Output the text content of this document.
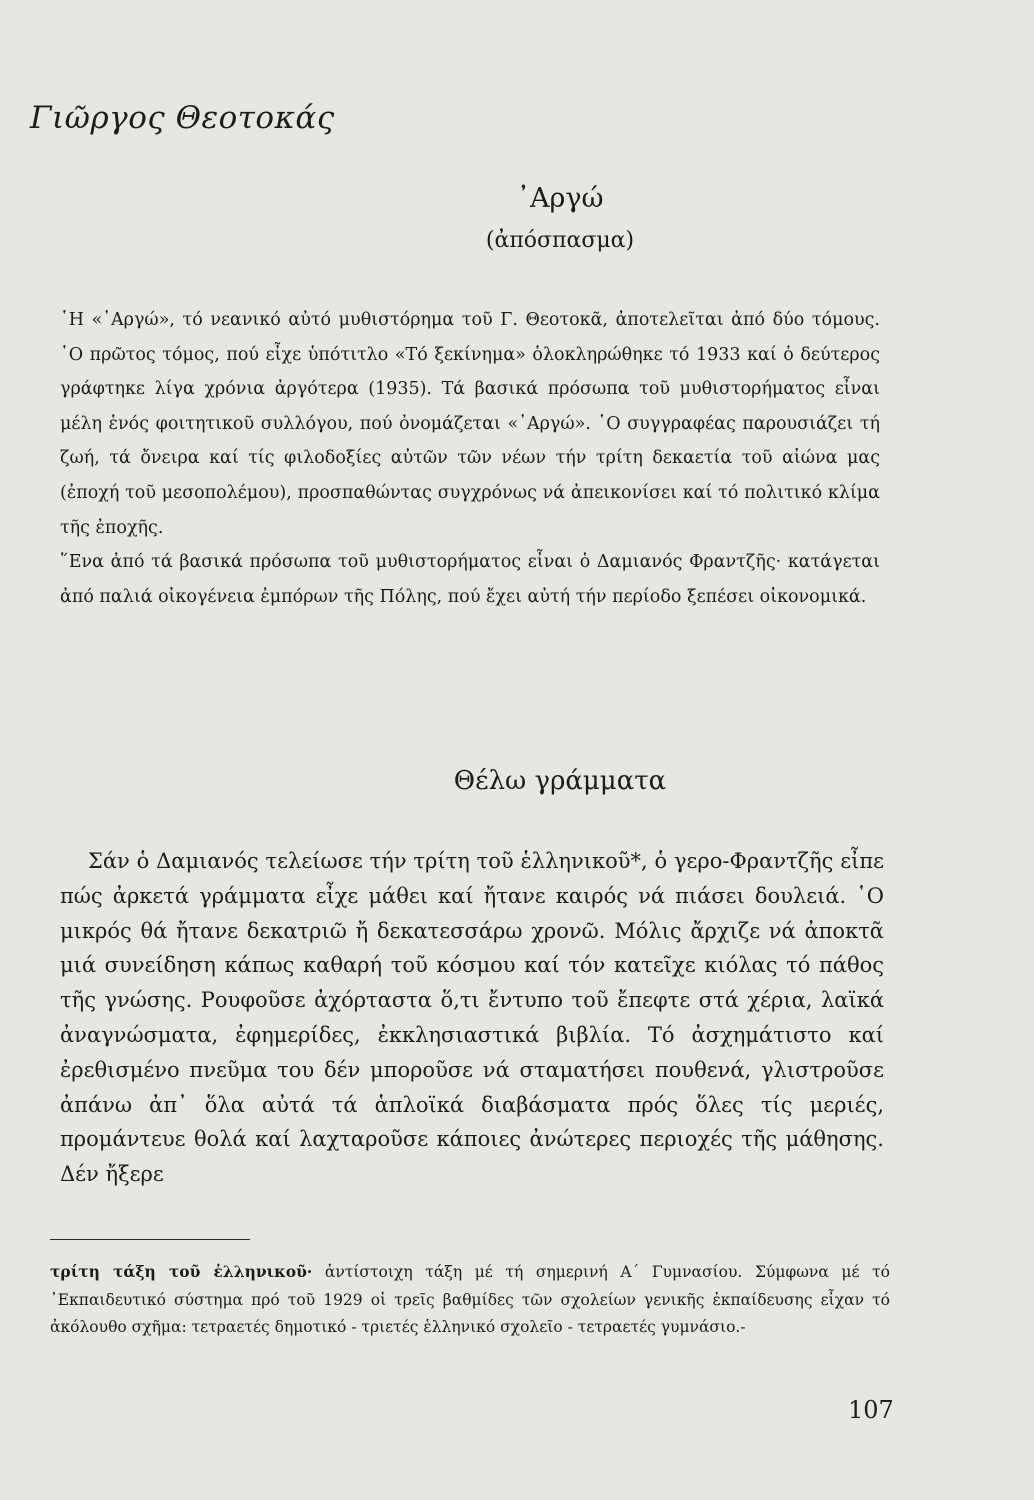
Γιῶργος Θεοτοκάς
᾿Αργώ
(ἀπόσπασμα)

῾Η «᾿Αργώ», τό νεανικό αὐτό μυθιστόρημα τοῦ Γ. Θεοτοκᾶ, ἀποτελεῖται ἀπό δύο τόμους. ῾Ο πρῶτος τόμος, πού εἶχε ὑπότιτλο «Τό ξεκίνημα» ὁλοκληρώθηκε τό 1933 καί ὁ δεύτερος γράφτηκε λίγα χρόνια ἀργότερα (1935). Τά βασικά πρόσωπα τοῦ μυθιστορήματος εἶναι μέλη ἑνός φοιτητικοῦ συλλόγου, πού ὀνομάζεται «᾿Αργώ». ῾Ο συγγραφέας παρουσιάζει τή ζωή, τά ὄνειρα καί τίς φιλοδοξίες αὐτῶν τῶν νέων τήν τρίτη δεκαετία τοῦ αἰώνα μας (ἐποχή τοῦ μεσοπολέμου), προσπαθώντας συγχρόνως νά ἀπεικονίσει καί τό πολιτικό κλίμα τῆς ἐποχῆς.

῞Ενα ἀπό τά βασικά πρόσωπα τοῦ μυθιστορήματος εἶναι ὁ Δαμιανός Φραντζῆς· κατάγεται ἀπό παλιά οἰκογένεια ἐμπόρων τῆς Πόλης, πού ἔχει αὐτή τήν περίοδο ξεπέσει οἰκονομικά.

Θέλω γράμματα

Σάν ὁ Δαμιανός τελείωσε τήν τρίτη τοῦ ἑλληνικοῦ*, ὁ γερο-Φραντζῆς εἶπε πώς ἀρκετά γράμματα εἶχε μάθει καί ἤτανε καιρός νά πιάσει δουλειά. ῾Ο μικρός θά ἤτανε δεκατριῶ ἤ δεκατεσσάρω χρονῶ. Μόλις ἄρχιζε νά ἀποκτᾶ μιά συνείδηση κάπως καθαρή τοῦ κόσμου καί τόν κατεῖχε κιόλας τό πάθος τῆς γνώσης. Ρουφοῦσε ἀχόρταστα ὅ,τι ἔντυπο τοῦ ἔπεφτε στά χέρια, λαϊκά ἀναγνώσματα, ἐφημερίδες, ἐκκλησιαστικά βιβλία. Τό ἀσχημάτιστο καί ἐρεθισμένο πνεῦμα του δέν μποροῦσε νά σταματήσει πουθενά, γλιστροῦσε ἀπάνω ἀπ᾿ ὅλα αὐτά τά ἁπλοϊκά διαβάσματα πρός ὅλες τίς μεριές, προμάντευε θολά καί λαχταροῦσε κάποιες ἀνώτερες περιοχές τῆς μάθησης. Δέν ἤξερε

τρίτη τάξη τοῦ ἑλληνικοῦ· ἀντίστοιχη τάξη μέ τή σημερινή Α΄ Γυμνασίου. Σύμφωνα μέ τό ᾿Εκπαιδευτικό σύστημα πρό τοῦ 1929 οἱ τρεῖς βαθμίδες τῶν σχολείων γενικῆς ἐκπαίδευσης εἶχαν τό ἀκόλουθο σχῆμα: τετραετές δημοτικό - τριετές ἑλληνικό σχολεῖο - τετραετές γυμνάσιο.-

107
